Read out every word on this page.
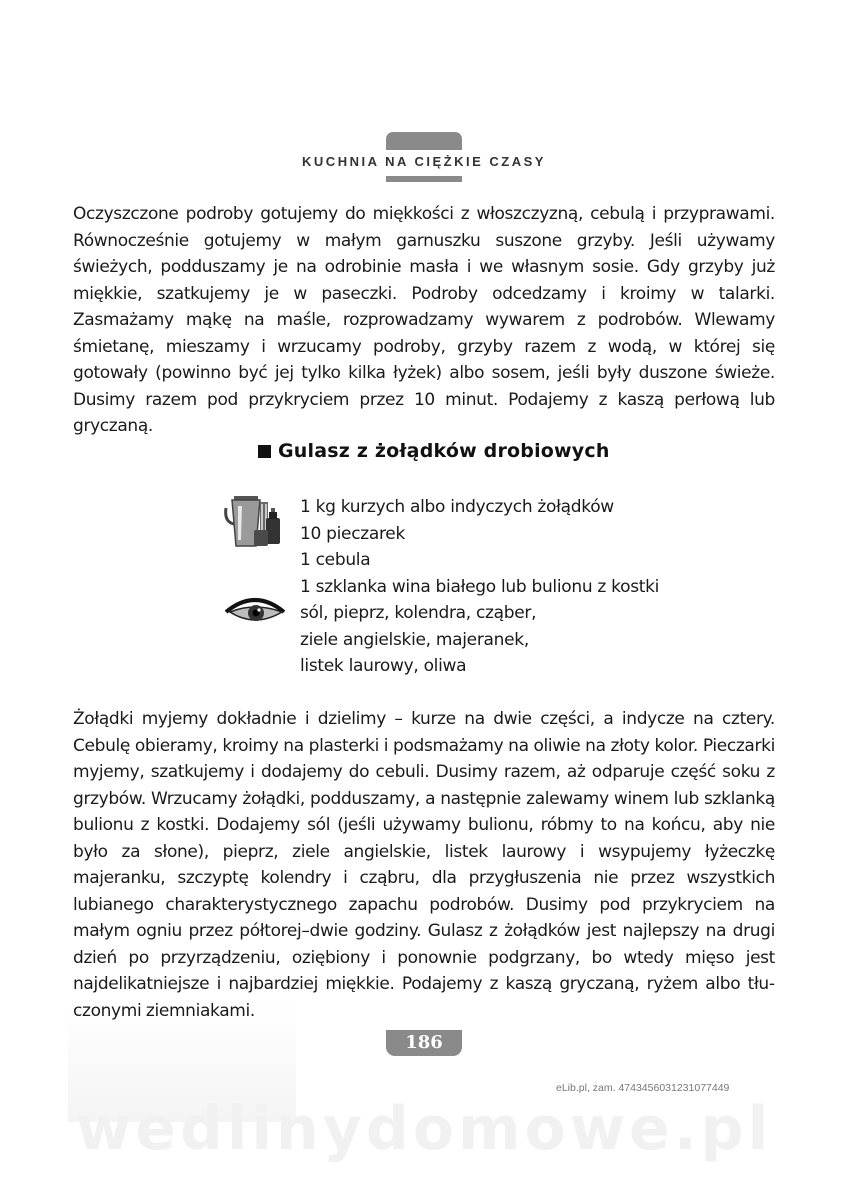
KUCHNIA NA CIĘŻKIE CZASY

Oczyszczone podroby gotujemy do miękkości z włoszczyzną, cebulą i przyprawami. Równocześnie gotujemy w małym garnuszku suszone grzyby. Jeśli używamy świeżych, podduszamy je na odrobinie masła i we własnym sosie. Gdy grzyby już miękkie, szatkujemy je w paseczki. Podroby odcedzamy i kroimy w talarki. Zasmażamy mąkę na maśle, rozprowadzamy wywarem z podrobów. Wlewamy śmietanę, mieszamy i wrzucamy podroby, grzyby razem z wodą, w której się gotowały (powinno być jej tylko kilka łyżek) albo sosem, jeśli były duszone świeże. Dusimy razem pod przykryciem przez 10 minut. Podajemy z kaszą perłową lub gryczaną.

Gulasz z żołądków drobiowych
1 kg kurzych albo indyczych żołądków
10 pieczarek
1 cebula
1 szklanka wina białego lub bulionu z kostki
sól, pieprz, kolendra, cząber,
ziele angielskie, majeranek,
listek laurowy, oliwa

Żołądki myjemy dokładnie i dzielimy – kurze na dwie części, a indycze na cztery. Cebulę obieramy, kroimy na plasterki i podsmażamy na oliwie na złoty kolor. Pieczarki myjemy, szatkujemy i dodajemy do cebuli. Dusimy razem, aż odparuje część soku z grzybów. Wrzucamy żołądki, podduszamy, a następnie zalewamy winem lub szklanką bulionu z kostki. Dodajemy sól (jeśli używamy bulionu, róbmy to na końcu, aby nie było za słone), pieprz, ziele angielskie, listek laurowy i wsypujemy łyżeczkę majeranku, szczyptę kolendry i cząbru, dla przygłuszenia nie przez wszystkich lubianego charakterystycznego zapachu podrobów. Dusimy pod przykryciem na małym ogniu przez półtorej–dwie godziny. Gulasz z żołądków jest najlepszy na drugi dzień po przyrządzeniu, oziębiony i ponownie podgrzany, bo wtedy mięso jest najdelikatniejsze i najbardziej miękkie. Podajemy z kaszą gryczaną, ryżem albo tłuczonymi ziemniakami.

186
eLib.pl, zam. 4743456031231077449
wedlinydomowe.pl
